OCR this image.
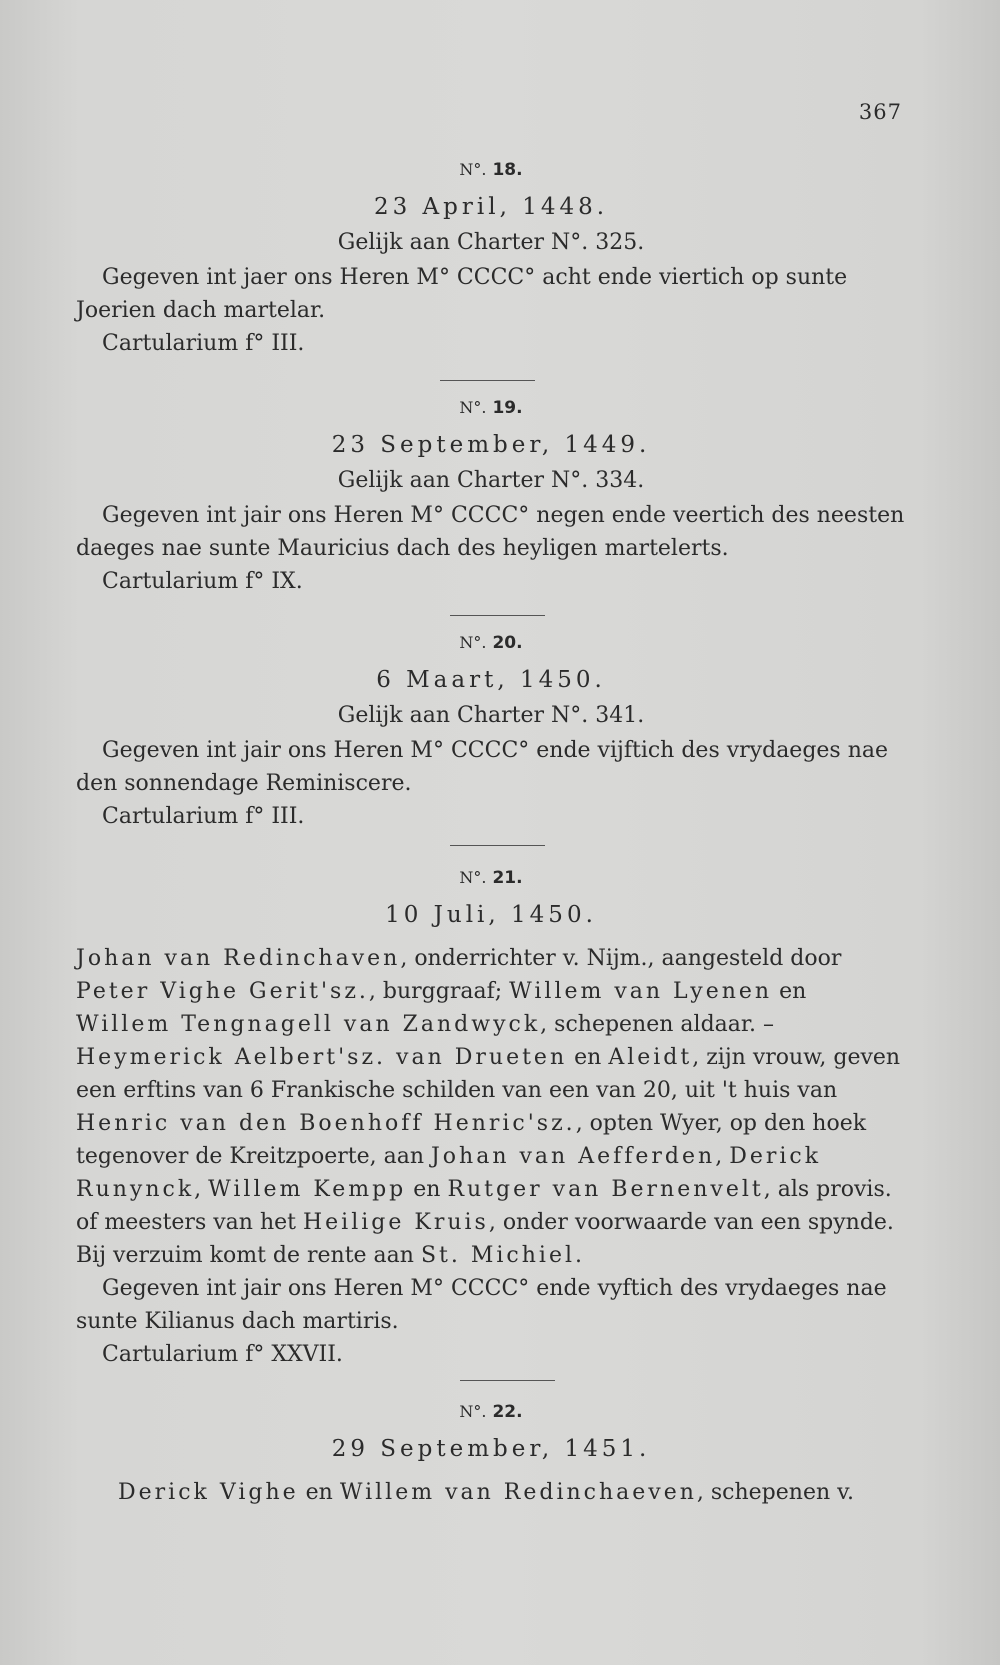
367

N°. 18.

23 April, 1448.

Gelijk aan Charter N°. 325.

Gegeven int jaer ons Heren M° CCCC° acht ende viertich op sunte Joerien dach martelar.

Cartularium f° III.

N°. 19.

23 September, 1449.

Gelijk aan Charter N°. 334.

Gegeven int jair ons Heren M° CCCC° negen ende veertich des neesten daeges nae sunte Mauricius dach des heyligen martelerts.

Cartularium f° IX.

N°. 20.

6 Maart, 1450.

Gelijk aan Charter N°. 341.

Gegeven int jair ons Heren M° CCCC° ende vijftich des vrydaeges nae den sonnendage Reminiscere.

Cartularium f° III.

N°. 21.

10 Juli, 1450.

Johan van Redinchaven, onderrichter v. Nijm., aangesteld door Peter Vighe Gerit'sz., burggraaf; Willem van Lyenen en Willem Tengnagell van Zandwyck, schepenen aldaar. – Heymerick Aelbert'sz. van Drueten en Aleidt, zijn vrouw, geven een erftins van 6 Frankische schilden van een van 20, uit 't huis van Henric van den Boenhoff Henric'sz., opten Wyer, op den hoek tegenover de Kreitzpoerte, aan Johan van Aefferden, Derick Runynck, Willem Kempp en Rutger van Bernenvelt, als provis. of meesters van het Heilige Kruis, onder voorwaarde van een spynde. Bij verzuim komt de rente aan St. Michiel.

Gegeven int jair ons Heren M° CCCC° ende vyftich des vrydaeges nae sunte Kilianus dach martiris.

Cartularium f° XXVII.

N°. 22.

29 September, 1451.

Derick Vighe en Willem van Redinchaeven, schepenen v.
